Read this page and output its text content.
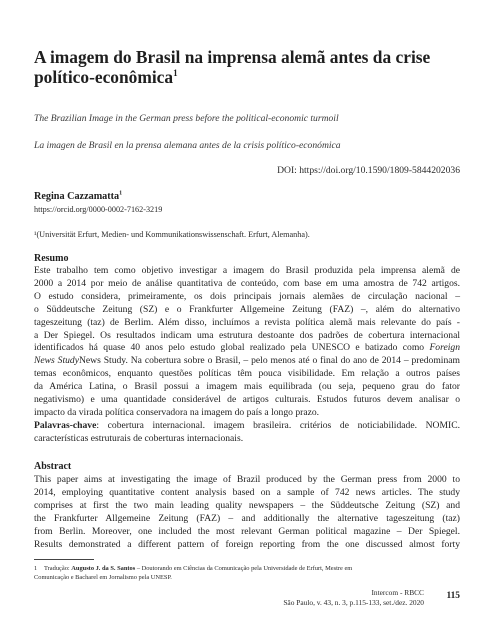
A imagem do Brasil na imprensa alemã antes da crise
político-econômica$^1$
The Brazilian Image in the German press before the political-economic turmoil
La imagen de Brasil en la prensa alemana antes de la crisis político-económica
DOI: https://doi.org/10.1590/1809-5844202036
Regina Cazzamatta$^1$
https://orcid.org/0000-0002-7162-3219
¹(Universität Erfurt, Medien- und Kommunikationswissenschaft. Erfurt, Alemanha).
Resumo
Este trabalho tem como objetivo investigar a imagem do Brasil produzida pela imprensa alemã de
2000 a 2014 por meio de análise quantitativa de conteúdo, com base em uma amostra de 742 artigos.
O estudo considera, primeiramente, os dois principais jornais alemães de circulação nacional –
o Süddeutsche Zeitung (SZ) e o Frankfurter Allgemeine Zeitung (FAZ) –, além do alternativo
tageszeitung (taz) de Berlim. Além disso, incluímos a revista política alemã mais relevante do país -
a Der Spiegel. Os resultados indicam uma estrutura destoante dos padrões de cobertura internacional
identificados há quase 40 anos pelo estudo global realizado pela UNESCO e batizado como Foreign
News StudyNews Study. Na cobertura sobre o Brasil, – pelo menos até o final do ano de 2014 – predominam
temas econômicos, enquanto questões políticas têm pouca visibilidade. Em relação a outros países
da América Latina, o Brasil possui a imagem mais equilibrada (ou seja, pequeno grau do fator
negativismo) e uma quantidade considerável de artigos culturais. Estudos futuros devem analisar o
impacto da virada política conservadora na imagem do país a longo prazo.
Palavras-chave: cobertura internacional. imagem brasileira. critérios de noticiabilidade. NOMIC.
características estruturais de coberturas internacionais.
Abstract
This paper aims at investigating the image of Brazil produced by the German press from 2000 to
2014, employing quantitative content analysis based on a sample of 742 news articles. The study
comprises at first the two main leading quality newspapers – the Süddeutsche Zeitung (SZ) and
the Frankfurter Allgemeine Zeitung (FAZ) – and additionally the alternative tageszeitung (taz)
from Berlin. Moreover, one included the most relevant German political magazine – Der Spiegel.
Results demonstrated a different pattern of foreign reporting from the one discussed almost forty
1 Tradução: Augusto J. da S. Santos – Doutorando em Ciências da Comunicação pela Universidade de Erfurt, Mestre em
Comunicação e Bacharel em Jornalismo pela UNESP.
Intercom - RBCC
São Paulo, v. 43, n. 3, p.115-133, set./dez. 2020
115
